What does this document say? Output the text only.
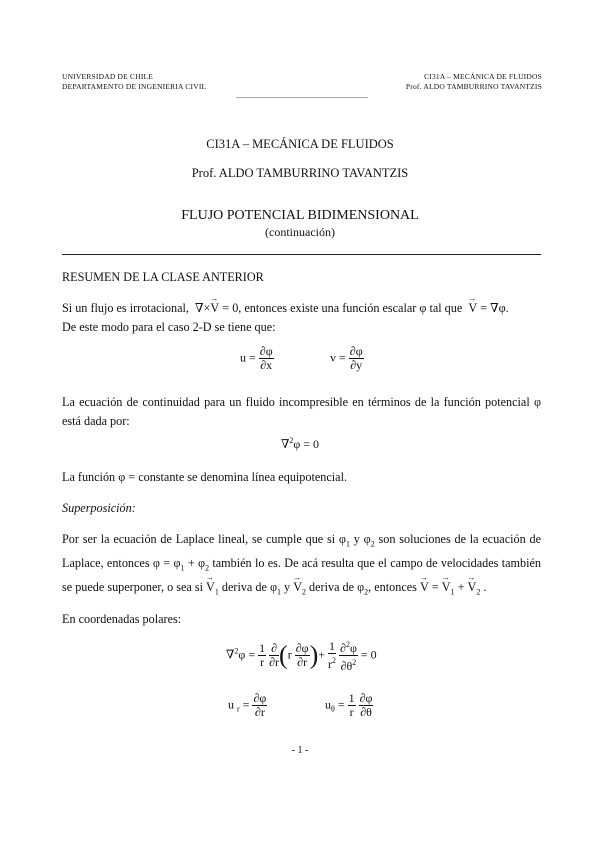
UNIVERSIDAD DE CHILE
DEPARTAMENTO DE INGENIERIA CIVIL
CI31A – MECÁNICA DE FLUIDOS
Prof. ALDO TAMBURRINO TAVANTZIS
CI31A – MECÁNICA DE FLUIDOS
Prof. ALDO TAMBURRINO TAVANTZIS
FLUJO POTENCIAL BIDIMENSIONAL
(continuación)
RESUMEN DE LA CLASE ANTERIOR
Si un flujo es irrotacional,  ∇×→ V = 0, entonces existe una función escalar φ tal que → V = ∇φ.
De este modo para el caso 2-D se tiene que:
$u = \frac{\partial\varphi}{\partial x}$	$v = \frac{\partial\varphi}{\partial y}$
La ecuación de continuidad para un fluido incompresible en términos de la función potencial φ está dada por:
∇$^2$φ = 0
La función φ = constante se denomina línea equipotencial.
Superposición:
Por ser la ecuación de Laplace lineal, se cumple que si $\varphi_1$ y $\varphi_2$ son soluciones de la ecuación de Laplace, entonces $\varphi = \varphi_1 + \varphi_2$ también lo es. De acá resulta que el campo de velocidades también se puede superponer, o sea si → $V_1$ deriva de $\varphi_1$ $y \to V_2$ deriva de $\varphi_2$, entonces → V = → $V_1$ + → $V_2$ .
En coordenadas polares:
$\nabla^2\varphi = \frac{1}{r}$
$\frac{\partial}{\partial r} (r \frac{\partial\varphi}{\partial r}$ )+ $\frac{1}{r^2}$
$\frac{\partial^2\varphi}{\partial\theta^2} = 0$
u $_r = \frac{\partial\varphi}{\partial r}$	$u_\theta = \frac{1}{r}$
$\frac{\partial\varphi}{\partial\theta}$
- 1 -
